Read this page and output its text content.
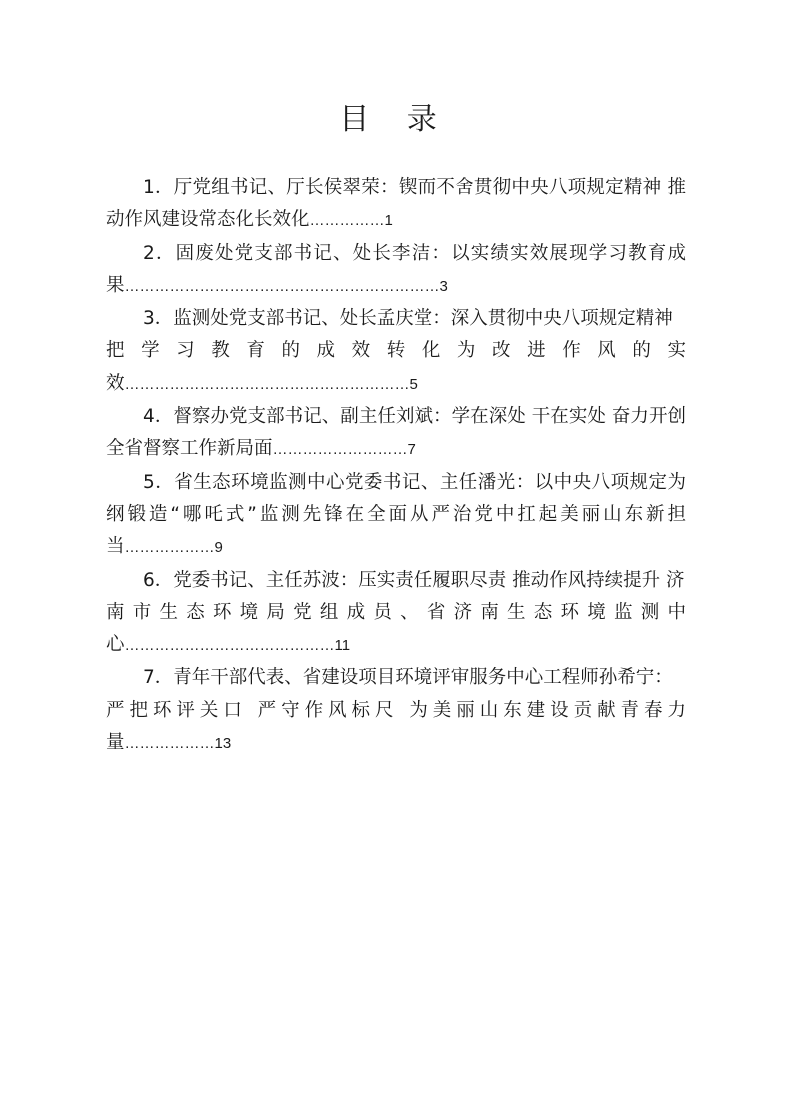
目 录

1．厅党组书记、厅长侯翠荣：锲而不舍贯彻中央八项规定精神 推动作风建设常态化长效化……………1

2．固废处党支部书记、处长李洁：以实绩实效展现学习教育成果………………………………………………………3

3．监测处党支部书记、处长孟庆堂：深入贯彻中央八项规定精神
把学习教育的成效转化为改进作风的实
效…………………………………………………5

4．督察办党支部书记、副主任刘斌：学在深处 干在实处 奋力开创全省督察工作新局面………………………7

5．省生态环境监测中心党委书记、主任潘光：以中央八项规定为纲锻造“哪吒式”监测先锋在全面从严治党中扛起美丽山东新担当………………9

6．党委书记、主任苏波：压实责任履职尽责 推动作风持续提升 济
南市生态环境局党组成员、省济南生态环境监测中
心……………………………………11

7．青年干部代表、省建设项目环境评审服务中心工程师孙希宁：
严把环评关口 严守作风标尺 为美丽山东建设贡献青春力
量………………13
